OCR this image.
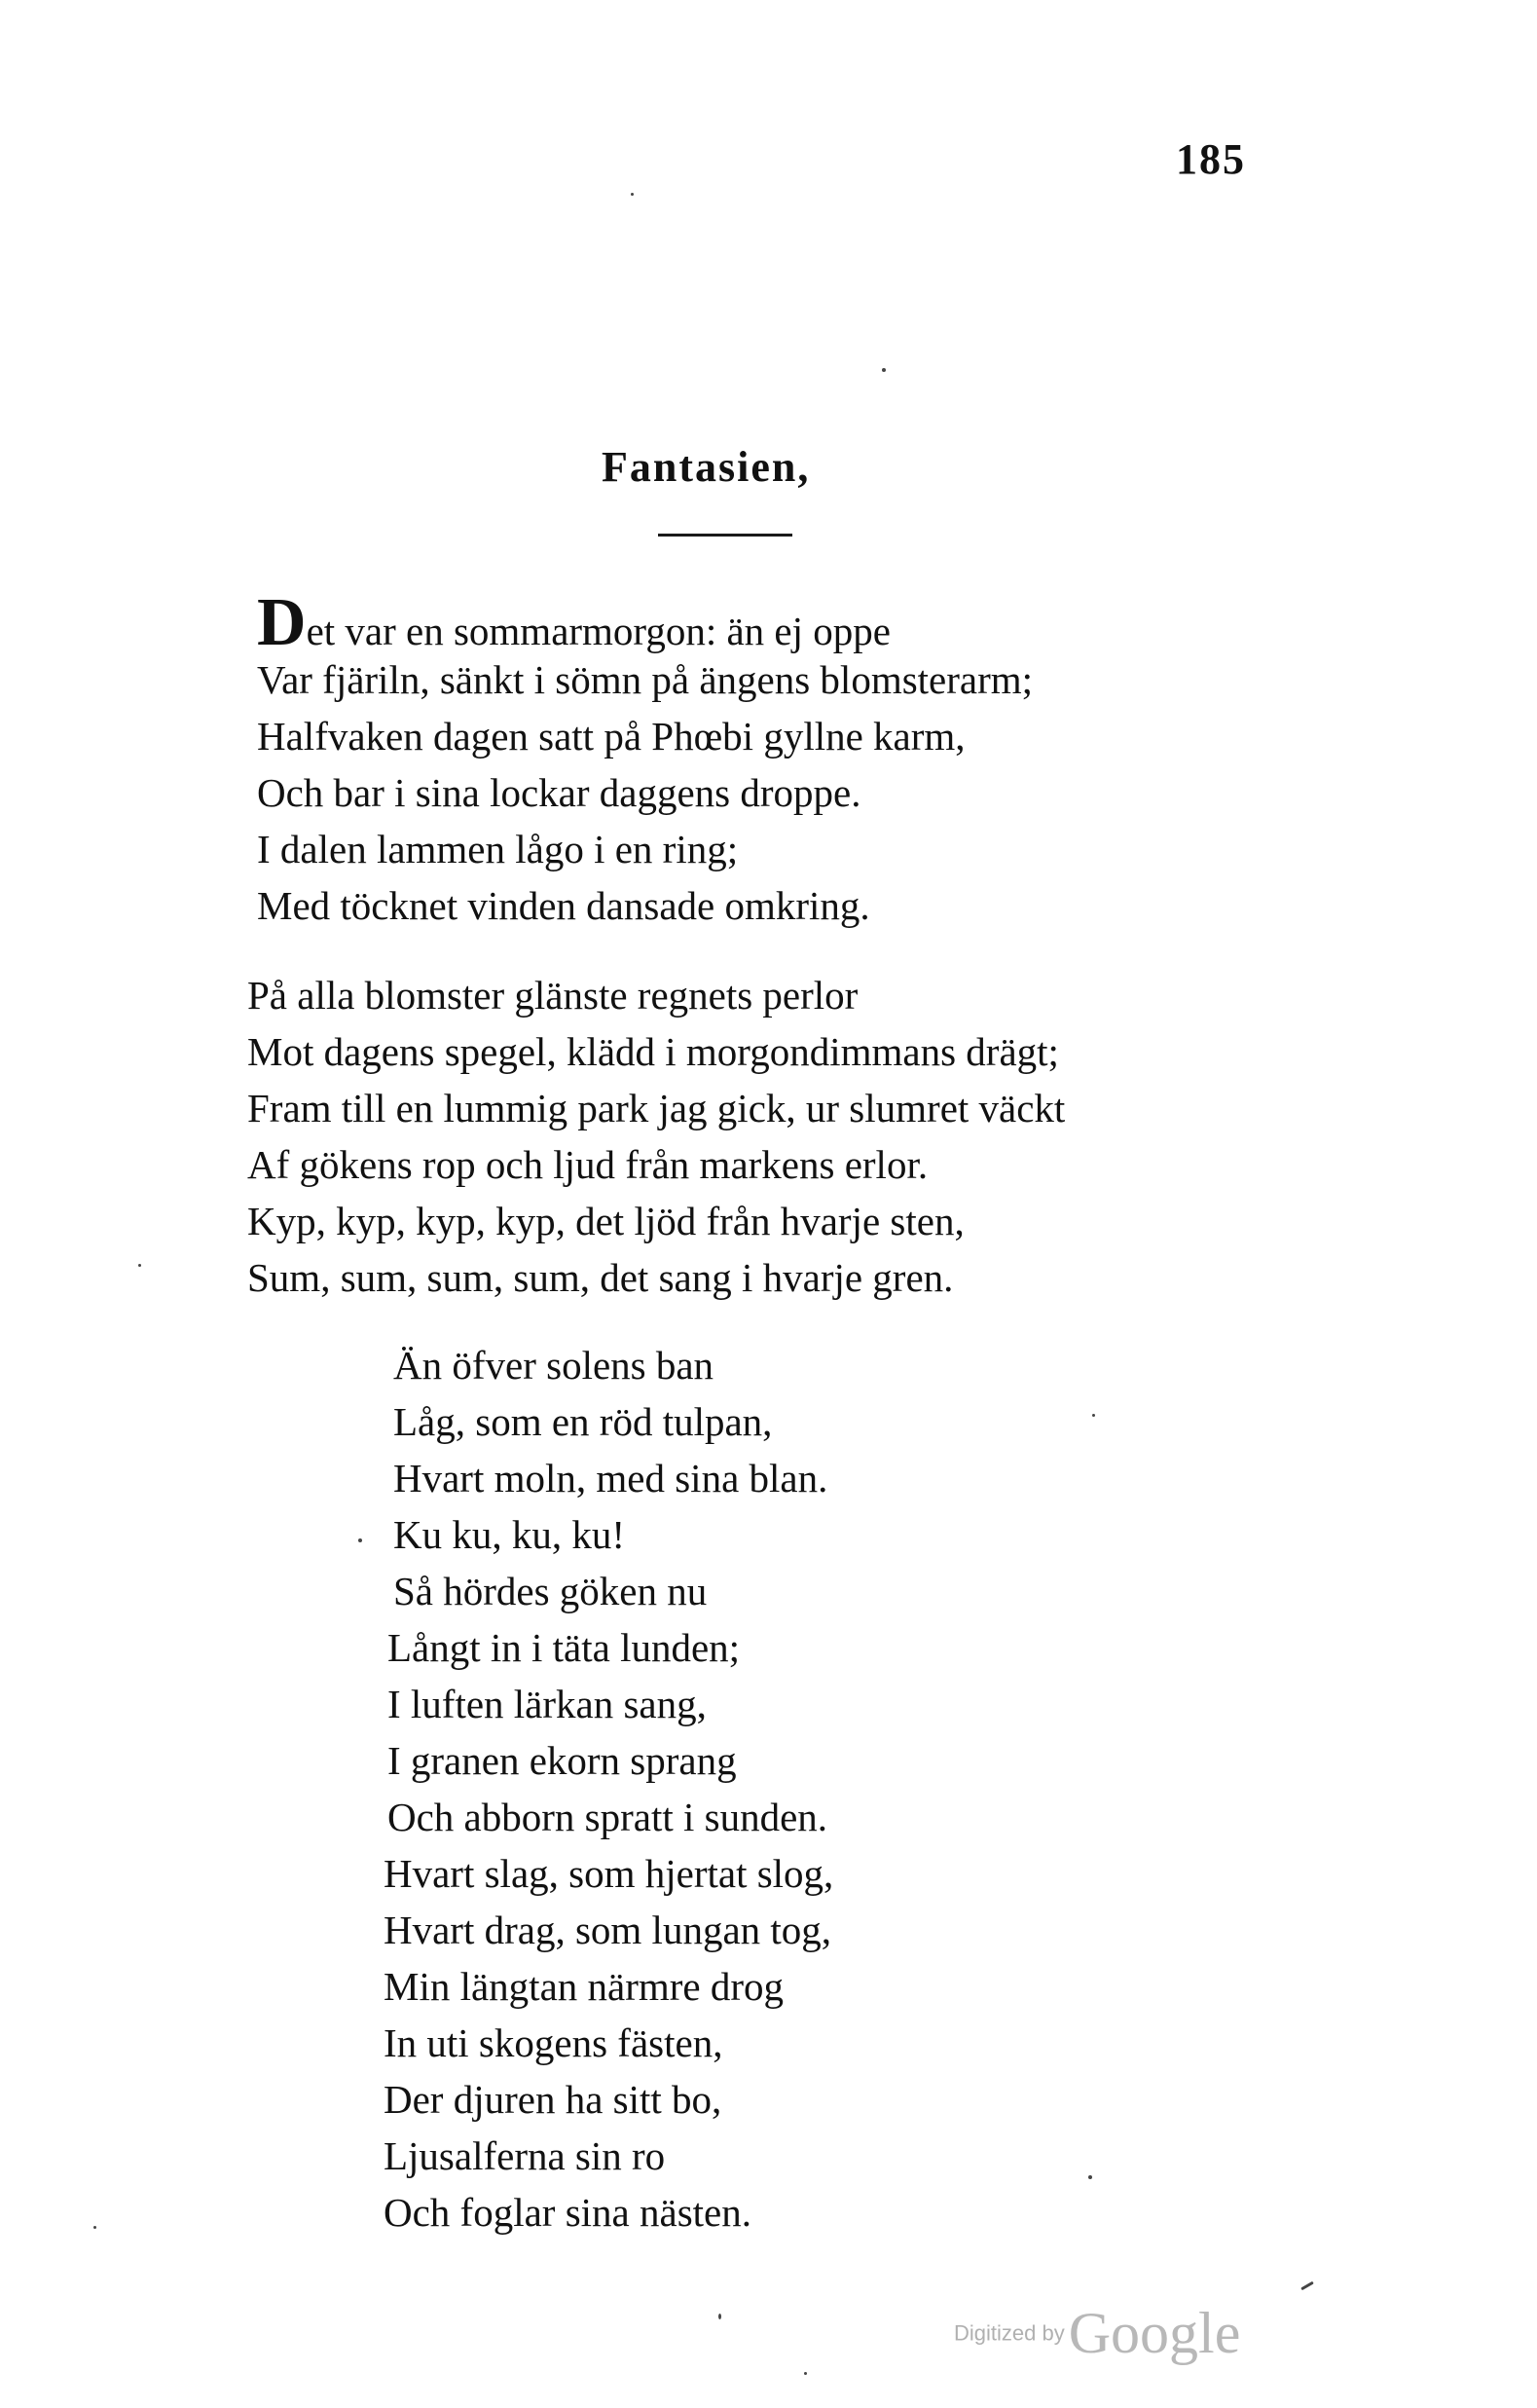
185
Fantasien,
Det var en sommarmorgon: än ej oppe
Var fjäriln, sänkt i sömn på ängens blomsterarm;
Halfvaken dagen satt på Phœbi gyllne karm,
Och bar i sina lockar daggens droppe.
I dalen lammen lågo i en ring;
Med töcknet vinden dansade omkring.
På alla blomster glänste regnets perlor
Mot dagens spegel, klädd i morgondimmans drägt;
Fram till en lummig park jag gick, ur slumret väckt
Af gökens rop och ljud från markens erlor.
Kyp, kyp, kyp, kyp, det ljöd från hvarje sten,
Sum, sum, sum, sum, det sang i hvarje gren.
Än öfver solens ban
Låg, som en röd tulpan,
Hvart moln, med sina blan.
Ku ku, ku, ku!
Så hördes göken nu
Långt in i täta lunden;
I luften lärkan sang,
I granen ekorn sprang
Och abborn spratt i sunden.
Hvart slag, som hjertat slog,
Hvart drag, som lungan tog,
Min längtan närmre drog
In uti skogens fästen,
Der djuren ha sitt bo,
Ljusalferna sin ro
Och foglar sina nästen.
Digitized by Google
